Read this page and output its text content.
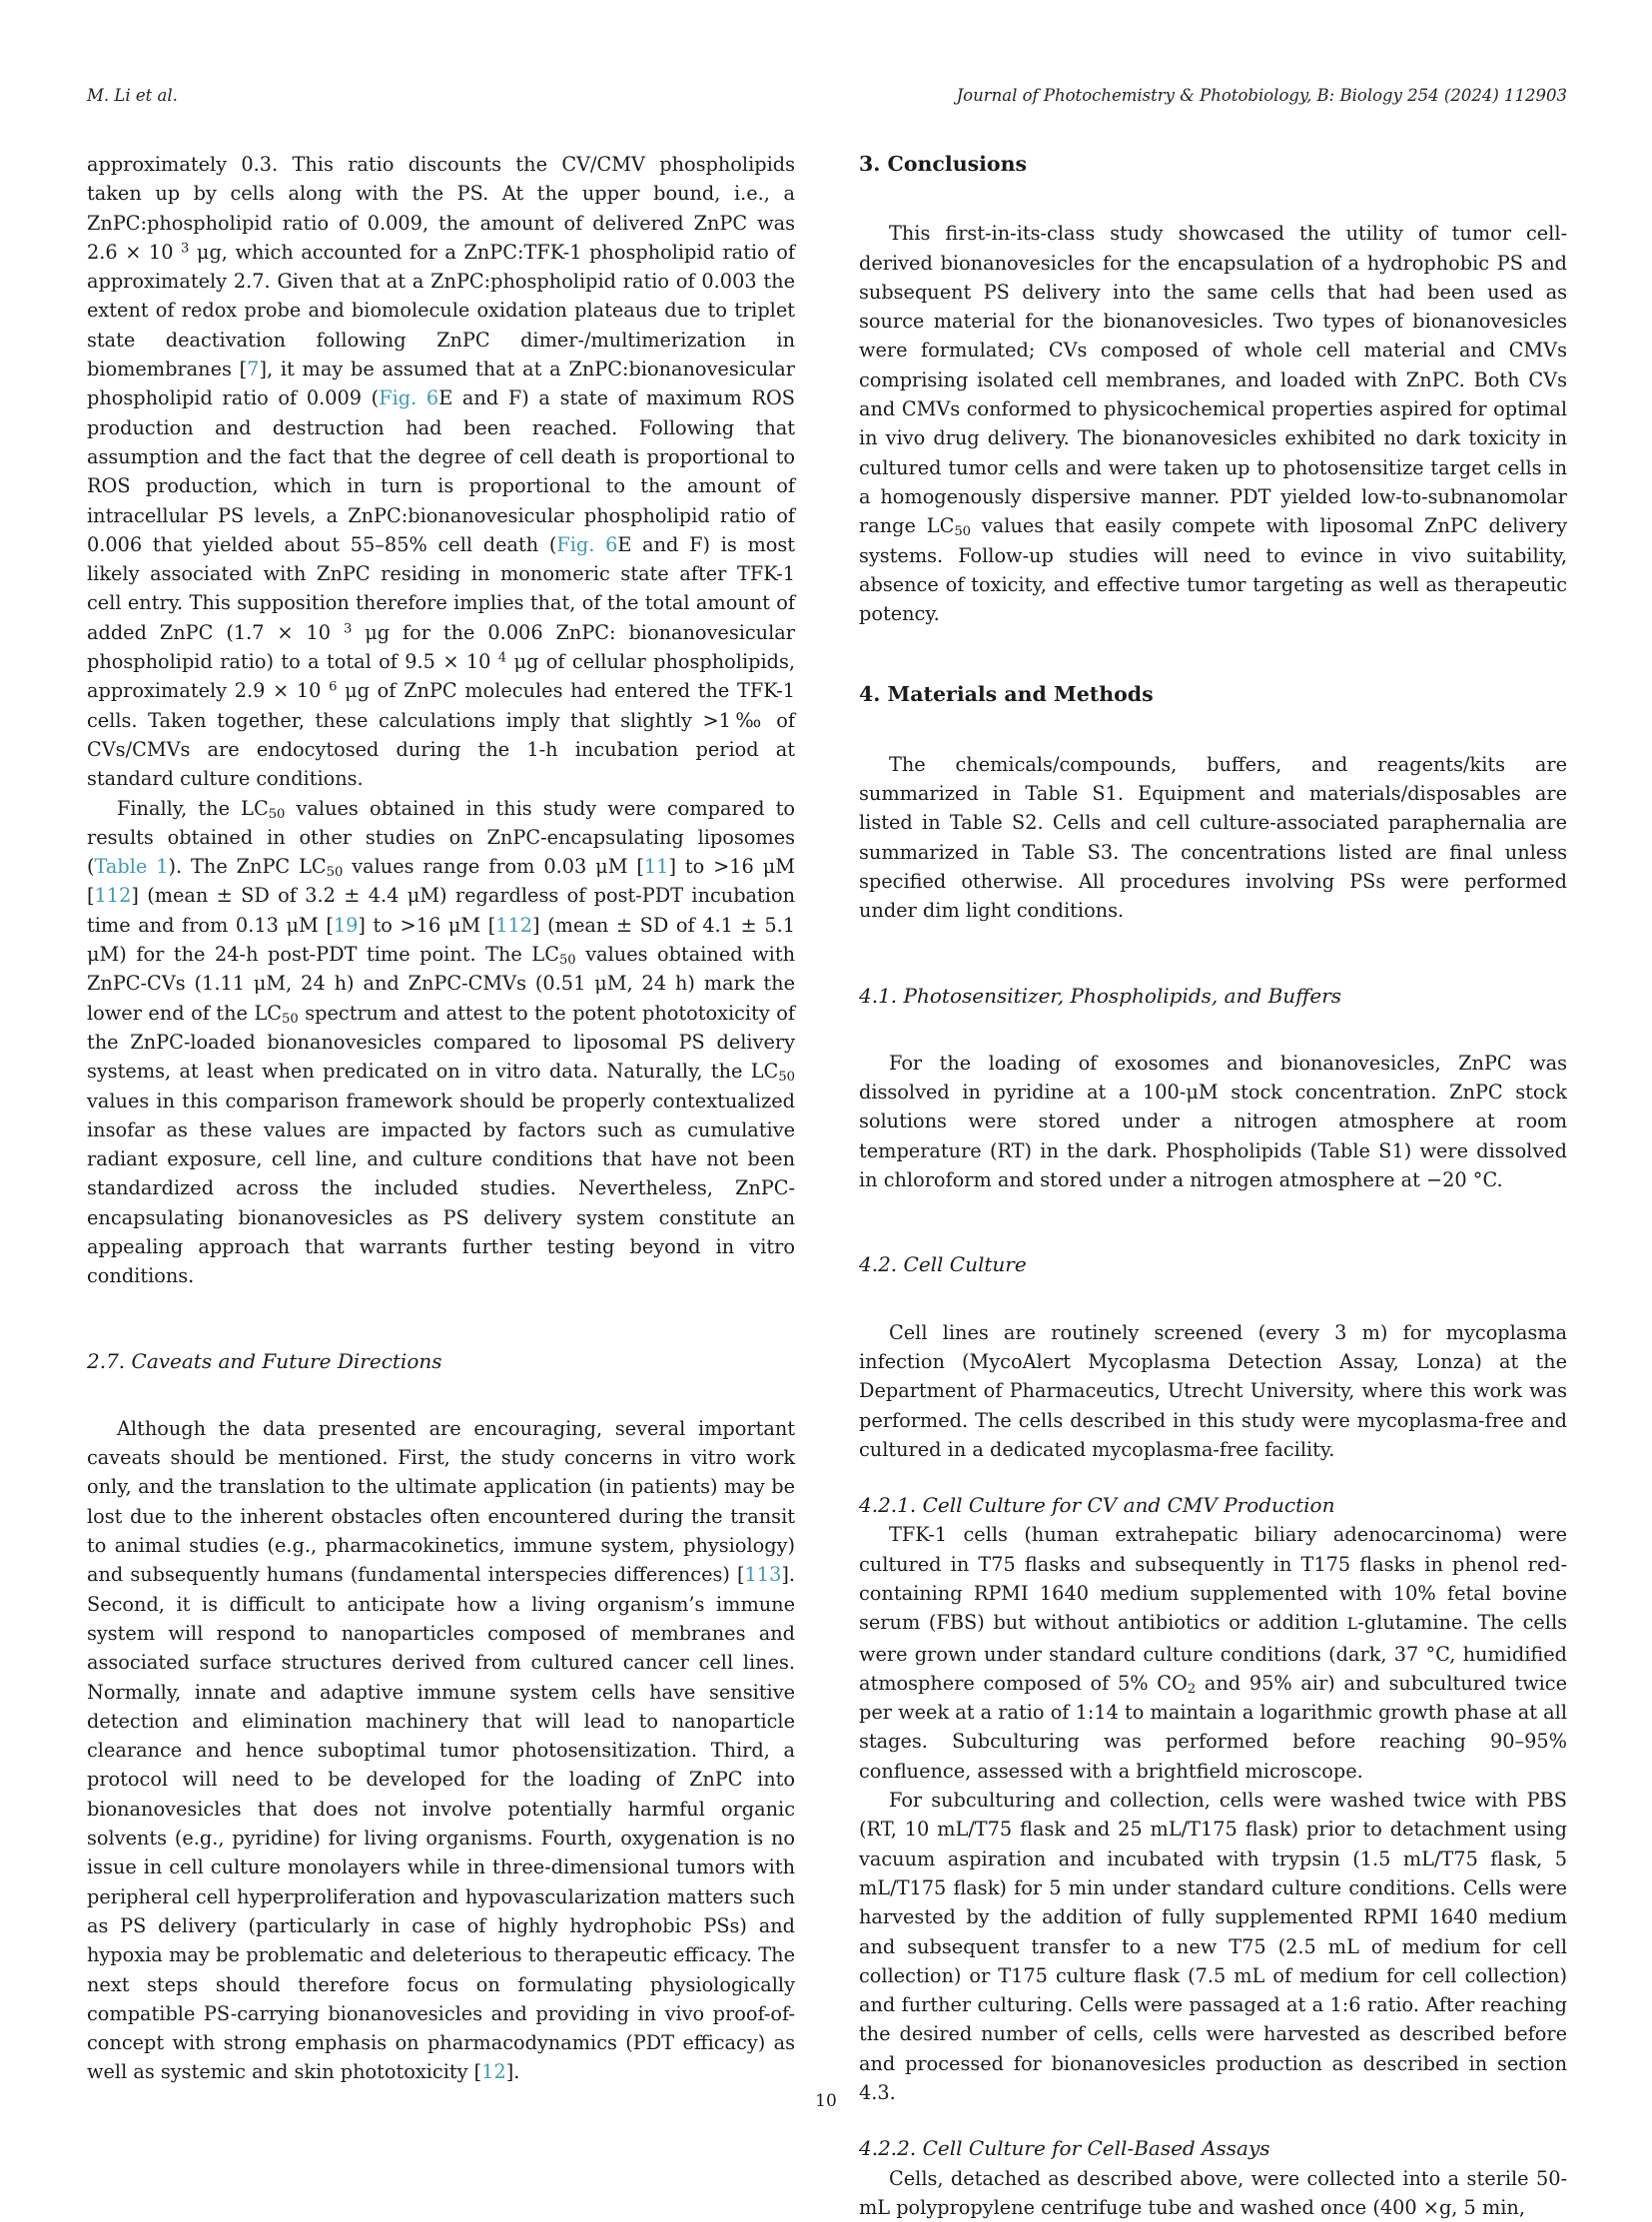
M. Li et al.	Journal of Photochemistry & Photobiology, B: Biology 254 (2024) 112903

approximately 0.3. This ratio discounts the CV/CMV phospholipids taken up by cells along with the PS. At the upper bound, i.e., a ZnPC:phospholipid ratio of 0.009, the amount of delivered ZnPC was 2.6 × 10 $^3$ μg, which accounted for a ZnPC:TFK-1 phospholipid ratio of approximately 2.7. Given that at a ZnPC:phospholipid ratio of 0.003 the extent of redox probe and biomolecule oxidation plateaus due to triplet state deactivation following ZnPC dimer-/multimerization in biomembranes [7], it may be assumed that at a ZnPC:bionanovesicular phospholipid ratio of 0.009 (Fig. 6E and F) a state of maximum ROS production and destruction had been reached. Following that assumption and the fact that the degree of cell death is proportional to ROS production, which in turn is proportional to the amount of intracellular PS levels, a ZnPC:bionanovesicular phospholipid ratio of 0.006 that yielded about 55–85% cell death (Fig. 6E and F) is most likely associated with ZnPC residing in monomeric state after TFK-1 cell entry. This supposition therefore implies that, of the total amount of added ZnPC (1.7 × 10 $^3$ μg for the 0.006 ZnPC: bionanovesicular phospholipid ratio) to a total of 9.5 × 10 $^4$ μg of cellular phospholipids, approximately 2.9 × 10 $^6$ μg of ZnPC molecules had entered the TFK-1 cells. Taken together, these calculations imply that slightly >1‰ of CVs/CMVs are endocytosed during the 1-h incubation period at standard culture conditions.

Finally, the $LC_{50}$ values obtained in this study were compared to results obtained in other studies on ZnPC-encapsulating liposomes (Table 1). The ZnPC $LC_{50}$ values range from 0.03 μM [11] to >16 μM [112] (mean ± SD of 3.2 ± 4.4 μM) regardless of post-PDT incubation time and from 0.13 μM [19] to >16 μM [112] (mean ± SD of 4.1 ± 5.1 μM) for the 24-h post-PDT time point. The $LC_{50}$ values obtained with ZnPC-CVs (1.11 μM, 24 h) and ZnPC-CMVs (0.51 μM, 24 h) mark the lower end of the $LC_{50}$ spectrum and attest to the potent phototoxicity of the ZnPC-loaded bionanovesicles compared to liposomal PS delivery systems, at least when predicated on in vitro data. Naturally, the $LC_{50}$ values in this comparison framework should be properly contextualized insofar as these values are impacted by factors such as cumulative radiant exposure, cell line, and culture conditions that have not been standardized across the included studies. Nevertheless, ZnPC-encapsulating bionanovesicles as PS delivery system constitute an appealing approach that warrants further testing beyond in vitro conditions.

2.7. Caveats and Future Directions

Although the data presented are encouraging, several important caveats should be mentioned. First, the study concerns in vitro work only, and the translation to the ultimate application (in patients) may be lost due to the inherent obstacles often encountered during the transit to animal studies (e.g., pharmacokinetics, immune system, physiology) and subsequently humans (fundamental interspecies differences) [113]. Second, it is difficult to anticipate how a living organism’s immune system will respond to nanoparticles composed of membranes and associated surface structures derived from cultured cancer cell lines. Normally, innate and adaptive immune system cells have sensitive detection and elimination machinery that will lead to nanoparticle clearance and hence suboptimal tumor photosensitization. Third, a protocol will need to be developed for the loading of ZnPC into bionanovesicles that does not involve potentially harmful organic solvents (e.g., pyridine) for living organisms. Fourth, oxygenation is no issue in cell culture monolayers while in three-dimensional tumors with peripheral cell hyperproliferation and hypovascularization matters such as PS delivery (particularly in case of highly hydrophobic PSs) and hypoxia may be problematic and deleterious to therapeutic efficacy. The next steps should therefore focus on formulating physiologically compatible PS-carrying bionanovesicles and providing in vivo proof-of-concept with strong emphasis on pharmacodynamics (PDT efficacy) as well as systemic and skin phototoxicity [12].

3. Conclusions

This first-in-its-class study showcased the utility of tumor cell-derived bionanovesicles for the encapsulation of a hydrophobic PS and subsequent PS delivery into the same cells that had been used as source material for the bionanovesicles. Two types of bionanovesicles were formulated; CVs composed of whole cell material and CMVs comprising isolated cell membranes, and loaded with ZnPC. Both CVs and CMVs conformed to physicochemical properties aspired for optimal in vivo drug delivery. The bionanovesicles exhibited no dark toxicity in cultured tumor cells and were taken up to photosensitize target cells in a homogenously dispersive manner. PDT yielded low-to-subnanomolar range $LC_{50}$ values that easily compete with liposomal ZnPC delivery systems. Follow-up studies will need to evince in vivo suitability, absence of toxicity, and effective tumor targeting as well as therapeutic potency.

4. Materials and Methods

The chemicals/compounds, buffers, and reagents/kits are summarized in Table S1. Equipment and materials/disposables are listed in Table S2. Cells and cell culture-associated paraphernalia are summarized in Table S3. The concentrations listed are final unless specified otherwise. All procedures involving PSs were performed under dim light conditions.

4.1. Photosensitizer, Phospholipids, and Buffers

For the loading of exosomes and bionanovesicles, ZnPC was dissolved in pyridine at a 100-μM stock concentration. ZnPC stock solutions were stored under a nitrogen atmosphere at room temperature (RT) in the dark. Phospholipids (Table S1) were dissolved in chloroform and stored under a nitrogen atmosphere at −20 °C.

4.2. Cell Culture

Cell lines are routinely screened (every 3 m) for mycoplasma infection (MycoAlert Mycoplasma Detection Assay, Lonza) at the Department of Pharmaceutics, Utrecht University, where this work was performed. The cells described in this study were mycoplasma-free and cultured in a dedicated mycoplasma-free facility.

4.2.1. Cell Culture for CV and CMV Production

TFK-1 cells (human extrahepatic biliary adenocarcinoma) were cultured in T75 flasks and subsequently in T175 flasks in phenol red-containing RPMI 1640 medium supplemented with 10% fetal bovine serum (FBS) but without antibiotics or addition L-glutamine. The cells were grown under standard culture conditions (dark, 37 °C, humidified atmosphere composed of 5% $CO_2$ and 95% air) and subcultured twice per week at a ratio of 1:14 to maintain a logarithmic growth phase at all stages. Subculturing was performed before reaching 90–95% confluence, assessed with a brightfield microscope.

For subculturing and collection, cells were washed twice with PBS (RT, 10 mL/T75 flask and 25 mL/T175 flask) prior to detachment using vacuum aspiration and incubated with trypsin (1.5 mL/T75 flask, 5 mL/T175 flask) for 5 min under standard culture conditions. Cells were harvested by the addition of fully supplemented RPMI 1640 medium and subsequent transfer to a new T75 (2.5 mL of medium for cell collection) or T175 culture flask (7.5 mL of medium for cell collection) and further culturing. Cells were passaged at a 1:6 ratio. After reaching the desired number of cells, cells were harvested as described before and processed for bionanovesicles production as described in section 4.3.

4.2.2. Cell Culture for Cell-Based Assays

Cells, detached as described above, were collected into a sterile 50-mL polypropylene centrifuge tube and washed once (400 ×g, 5 min,

10
